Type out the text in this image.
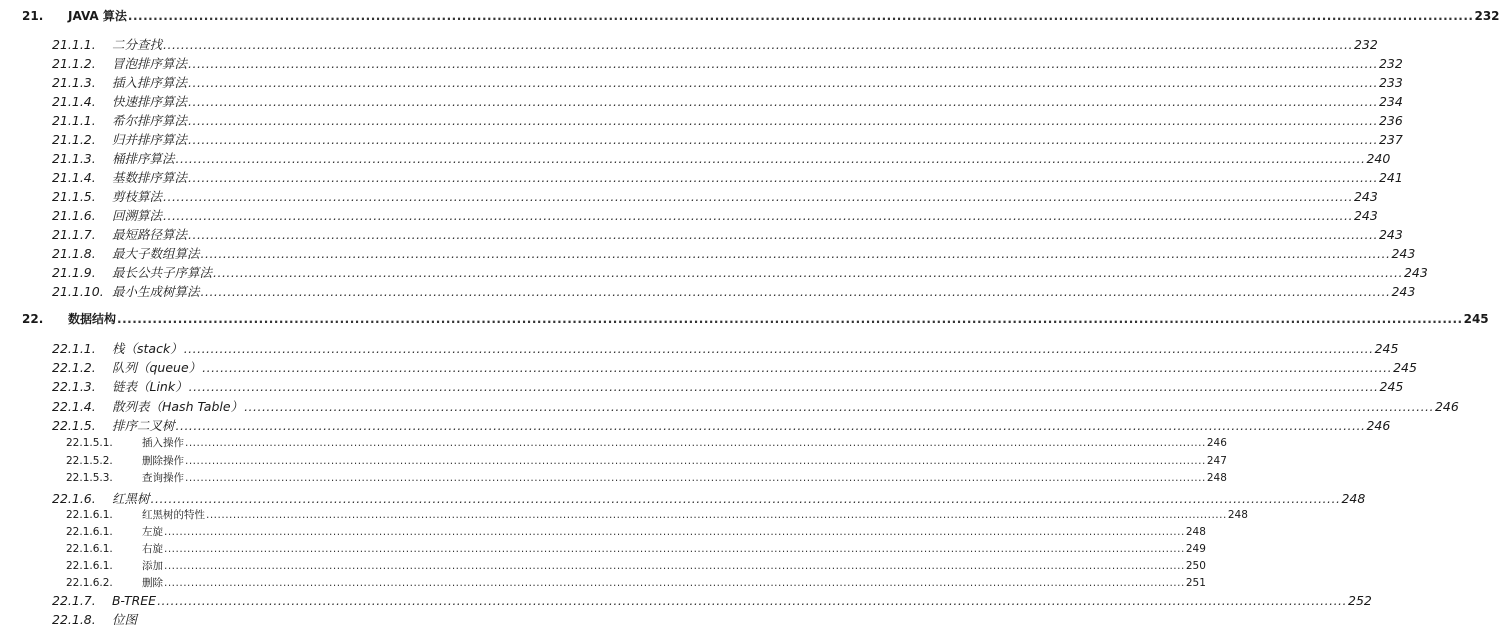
21.	JAVA 算法 .....	232
21.1.1.	二分查找 .....	232
21.1.2.	冒泡排序算法 .....	232
21.1.3.	插入排序算法 .....	233
21.1.4.	快速排序算法 .....	234
21.1.1.	希尔排序算法 .....	236
21.1.2.	归并排序算法 .....	237
21.1.3.	桶排序算法 .....	240
21.1.4.	基数排序算法 .....	241
21.1.5.	剪枝算法 .....	243
21.1.6.	回溯算法 .....	243
21.1.7.	最短路径算法 .....	243
21.1.8.	最大子数组算法 .....	243
21.1.9.	最长公共子序算法 .....	243
21.1.10. 最小生成树算法 .....	243
22.	数据结构 .....	245
22.1.1.	栈（stack） .....	245
22.1.2.	队列（queue） .....	245
22.1.3.	链表（Link） .....	245
22.1.4.	散列表（Hash Table） .....	246
22.1.5.	排序二叉树 .....	246
22.1.5.1.	插入操作 .....	246
22.1.5.2.	删除操作 .....	247
22.1.5.3.	查询操作 .....	248
22.1.6.	红黑树 .....	248
22.1.6.1.	红黑树的特性 .....	248
22.1.6.1.	左旋 .....	248
22.1.6.1.	右旋 .....	249
22.1.6.1.	添加 .....	250
22.1.6.2.	删除 .....	251
22.1.7.	B-TREE .....	252
22.1.8.	位图
